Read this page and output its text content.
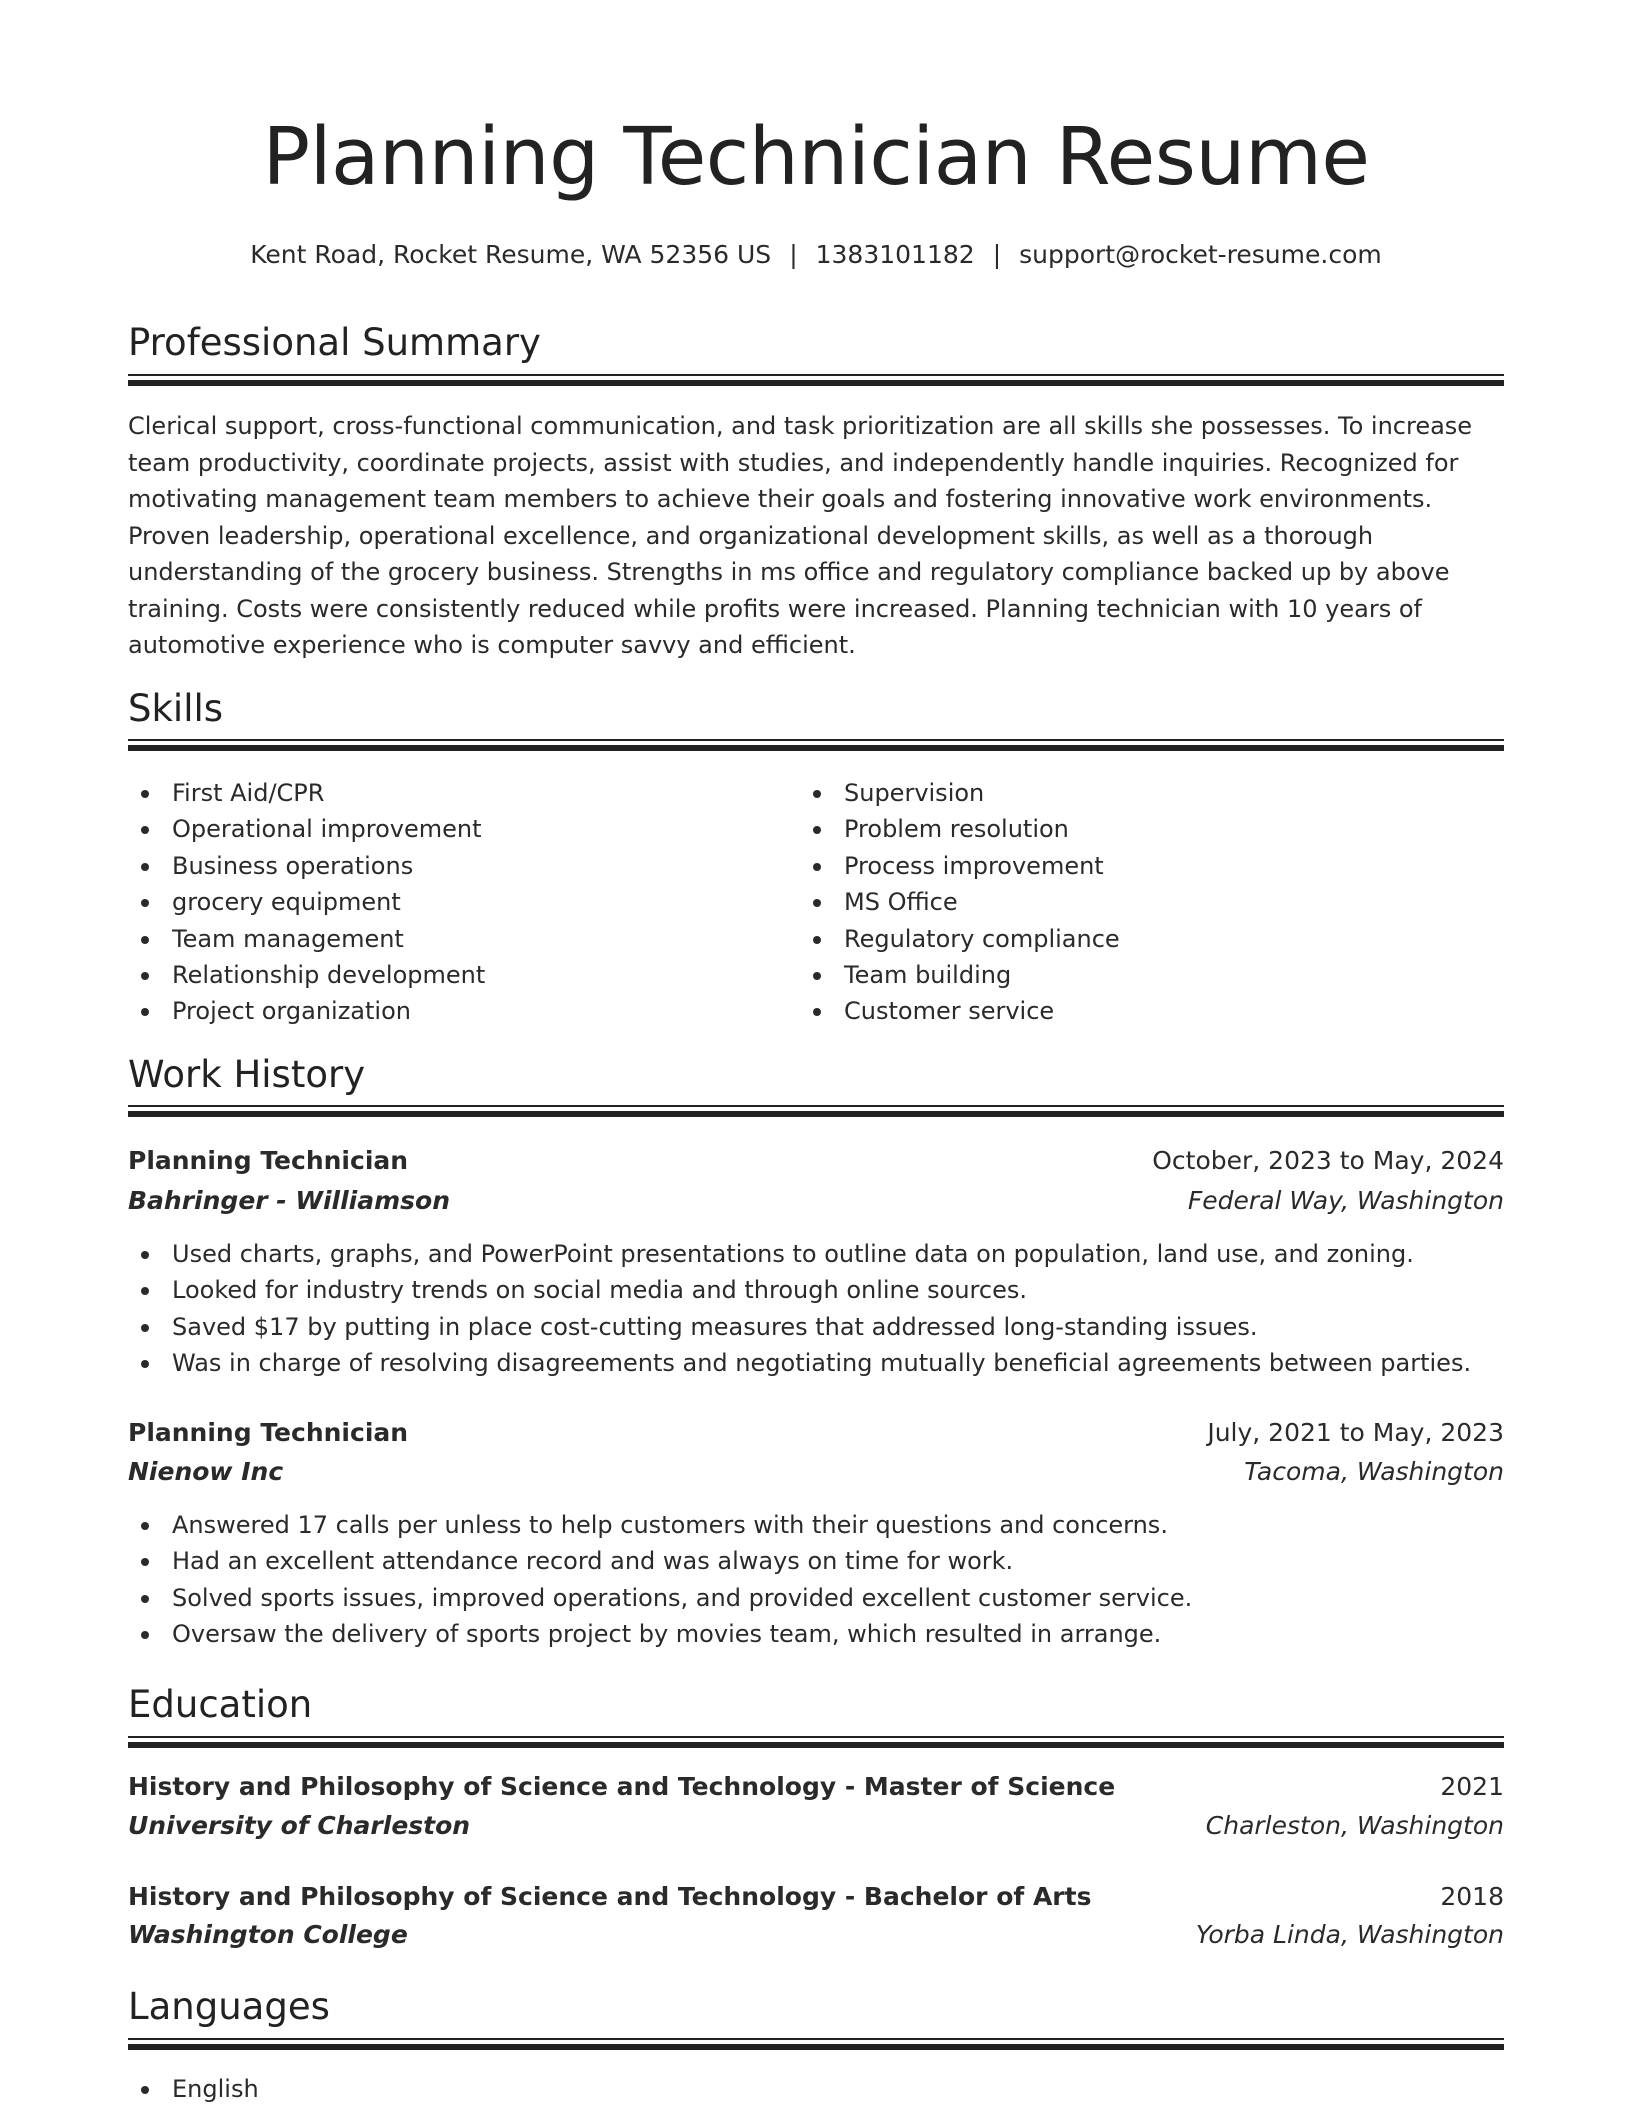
Planning Technician Resume
Kent Road, Rocket Resume, WA 52356 US | 1383101182 | support@rocket-resume.com
Professional Summary

Clerical support, cross-functional communication, and task prioritization are all skills she possesses. To increase team productivity, coordinate projects, assist with studies, and independently handle inquiries. Recognized for motivating management team members to achieve their goals and fostering innovative work environments. Proven leadership, operational excellence, and organizational development skills, as well as a thorough understanding of the grocery business. Strengths in ms office and regulatory compliance backed up by above training. Costs were consistently reduced while profits were increased. Planning technician with 10 years of automotive experience who is computer savvy and efficient.

Skills
First Aid/CPR
Operational improvement
Business operations
grocery equipment
Team management
Relationship development
Project organization
Supervision
Problem resolution
Process improvement
MS Office
Regulatory compliance
Team building
Customer service
Work History
Planning Technician	October, 2023 to May, 2024
Bahringer - Williamson	Federal Way, Washington
Used charts, graphs, and PowerPoint presentations to outline data on population, land use, and zoning.
Looked for industry trends on social media and through online sources.
Saved $17 by putting in place cost-cutting measures that addressed long-standing issues.
Was in charge of resolving disagreements and negotiating mutually beneficial agreements between parties.
Planning Technician	July, 2021 to May, 2023
Nienow Inc	Tacoma, Washington
Answered 17 calls per unless to help customers with their questions and concerns.
Had an excellent attendance record and was always on time for work.
Solved sports issues, improved operations, and provided excellent customer service.
Oversaw the delivery of sports project by movies team, which resulted in arrange.
Education
History and Philosophy of Science and Technology - Master of Science	2021
University of Charleston	Charleston, Washington
History and Philosophy of Science and Technology - Bachelor of Arts	2018
Washington College	Yorba Linda, Washington
Languages
English
